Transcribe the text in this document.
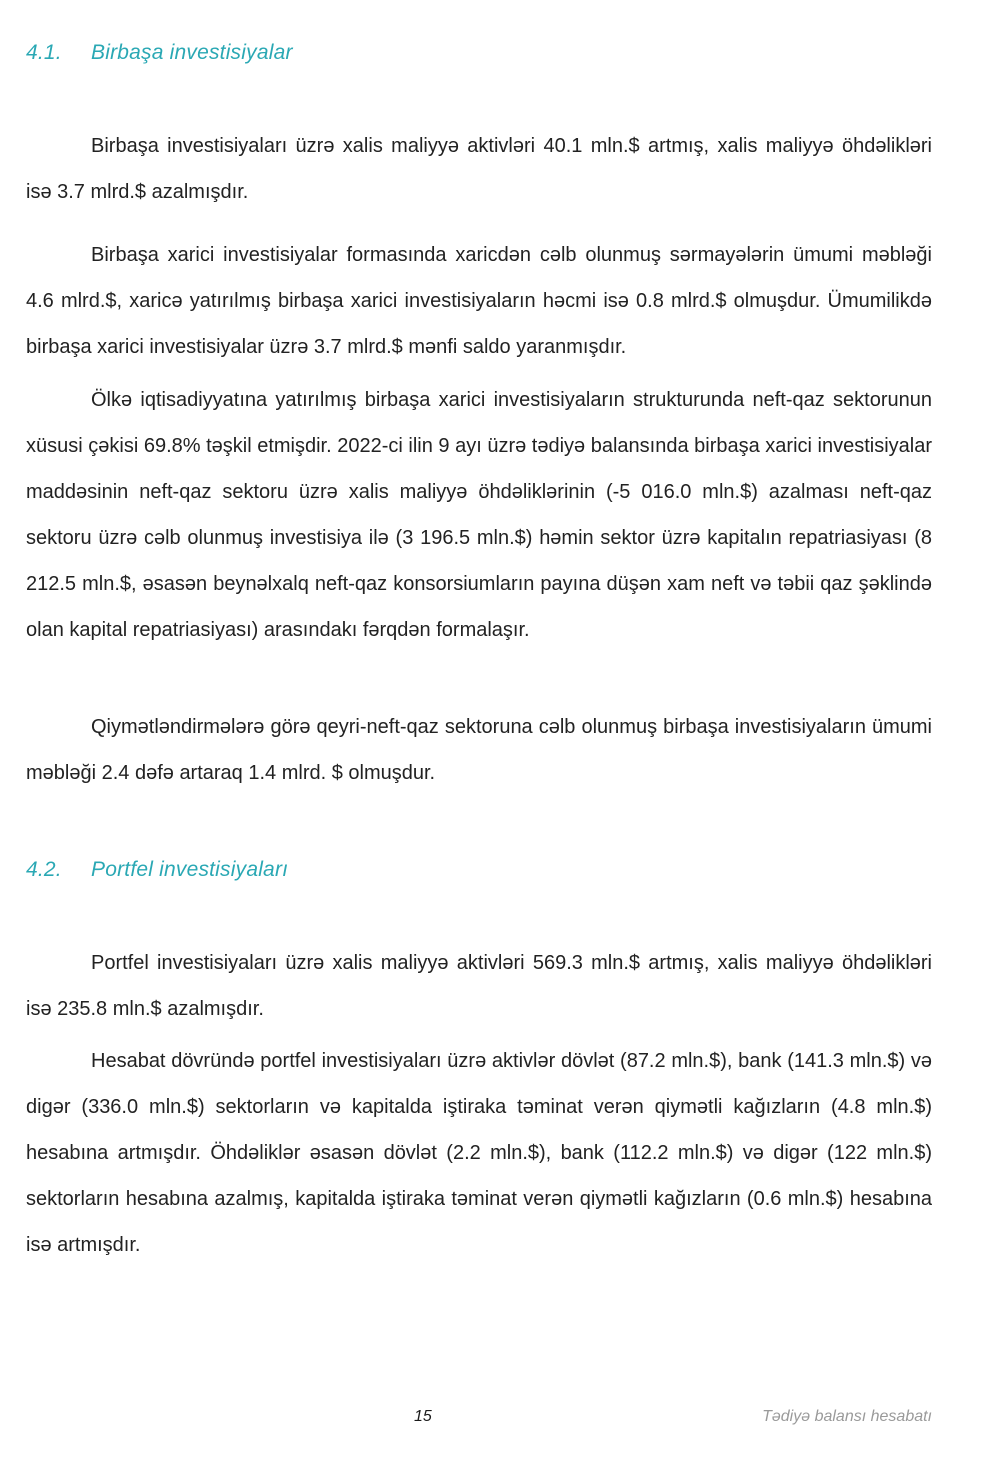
4.1. Birbaşa investisiyalar

Birbaşa investisiyaları üzrə xalis maliyyə aktivləri 40.1 mln.$ artmış, xalis maliyyə öhdəlikləri isə 3.7 mlrd.$ azalmışdır.

Birbaşa xarici investisiyalar formasında xaricdən cəlb olunmuş sərmayələrin ümumi məbləği 4.6 mlrd.$, xaricə yatırılmış birbaşa xarici investisiyaların həcmi isə 0.8 mlrd.$ olmuşdur. Ümumilikdə birbaşa xarici investisiyalar üzrə 3.7 mlrd.$ mənfi saldo yaranmışdır.

Ölkə iqtisadiyyatına yatırılmış birbaşa xarici investisiyaların strukturunda neft-qaz sektorunun xüsusi çəkisi 69.8% təşkil etmişdir. 2022-ci ilin 9 ayı üzrə tədiyə balansında birbaşa xarici investisiyalar maddəsinin neft-qaz sektoru üzrə xalis maliyyə öhdəliklərinin (-5 016.0 mln.$) azalması neft-qaz sektoru üzrə cəlb olunmuş investisiya ilə (3 196.5 mln.$) həmin sektor üzrə kapitalın repatriasiyası (8 212.5 mln.$, əsasən beynəlxalq neft-qaz konsorsiumların payına düşən xam neft və təbii qaz şəklində olan kapital repatriasiyası) arasındakı fərqdən formalaşır.

Qiymətləndirmələrə görə qeyri-neft-qaz sektoruna cəlb olunmuş birbaşa investisiyaların ümumi məbləği 2.4 dəfə artaraq 1.4 mlrd. $ olmuşdur.

4.2. Portfel investisiyaları

Portfel investisiyaları üzrə xalis maliyyə aktivləri 569.3 mln.$ artmış, xalis maliyyə öhdəlikləri isə 235.8 mln.$ azalmışdır.

Hesabat dövründə portfel investisiyaları üzrə aktivlər dövlət (87.2 mln.$), bank (141.3 mln.$) və digər (336.0 mln.$) sektorların və kapitalda iştiraka təminat verən qiymətli kağızların (4.8 mln.$) hesabına artmışdır. Öhdəliklər əsasən dövlət (2.2 mln.$), bank (112.2 mln.$) və digər (122 mln.$) sektorların hesabına azalmış, kapitalda iştiraka təminat verən qiymətli kağızların (0.6 mln.$) hesabına isə artmışdır.

15	Tədiyə balansı hesabatı
